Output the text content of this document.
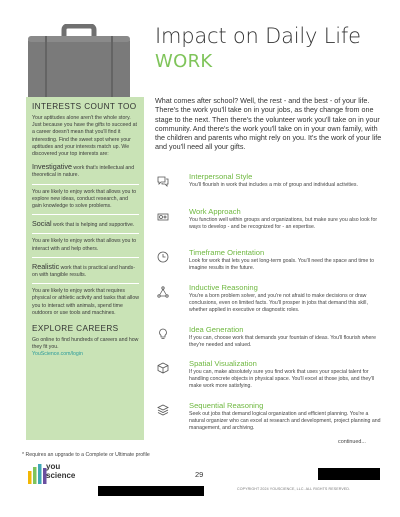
Impact on Daily Life
WORK
INTERESTS COUNT TOO
Your aptitudes alone aren't the whole story. Just because you have the gifts to succeed at a career doesn't mean that you'll find it interesting. Find the sweet spot where your aptitudes and your interests match up. We discovered your top interests are:
Investigative work that's intellectual and theoretical in nature.
You are likely to enjoy work that allows you to explore new ideas, conduct research, and gain knowledge to solve problems.
Social work that is helping and supportive.
You are likely to enjoy work that allows you to interact with and help others.
Realistic work that is practical and hands-on with tangible results.
You are likely to enjoy work that requires physical or athletic activity and tasks that allow you to interact with animals, spend time outdoors or use tools and machines.
EXPLORE CAREERS
Go online to find hundreds of careers and how they fit you.
YouScience.com/login
What comes after school? Well, the rest - and the best - of your life. There's the work you'll take on in your jobs, as they change from one stage to the next. Then there's the volunteer work you'll take on in your community. And there's the work you'll take on in your own family, with the children and parents who might rely on you. It's the work of your life and you'll need all your gifts.
Interpersonal Style
You'll flourish in work that includes a mix of group and individual activities.
Work Approach
You function well within groups and organizations, but make sure you also look for ways to develop - and be recognized for - an expertise.
Timeframe Orientation
Look for work that lets you set long-term goals. You'll need the space and time to imagine results in the future.
Inductive Reasoning
You're a born problem solver, and you're not afraid to make decisions or draw conclusions, even on limited facts. You'll prosper in jobs that demand this skill, whether applied in executive or diagnostic roles.
Idea Generation
If you can, choose work that demands your fountain of ideas. You'll flourish where they're needed and valued.
Spatial Visualization
If you can, make absolutely sure you find work that uses your special talent for handling concrete objects in physical space. You'll excel at those jobs, and they'll make work more satisfying.
Sequential Reasoning
Seek out jobs that demand logical organization and efficient planning. You're a natural organizer who can excel at research and development, project planning and management, and archiving.
continued...
* Requires an upgrade to a Complete or Ultimate profile
you
science	29
COPYRIGHT 2024 YOUSCIENCE, LLC. ALL RIGHTS RESERVED.
